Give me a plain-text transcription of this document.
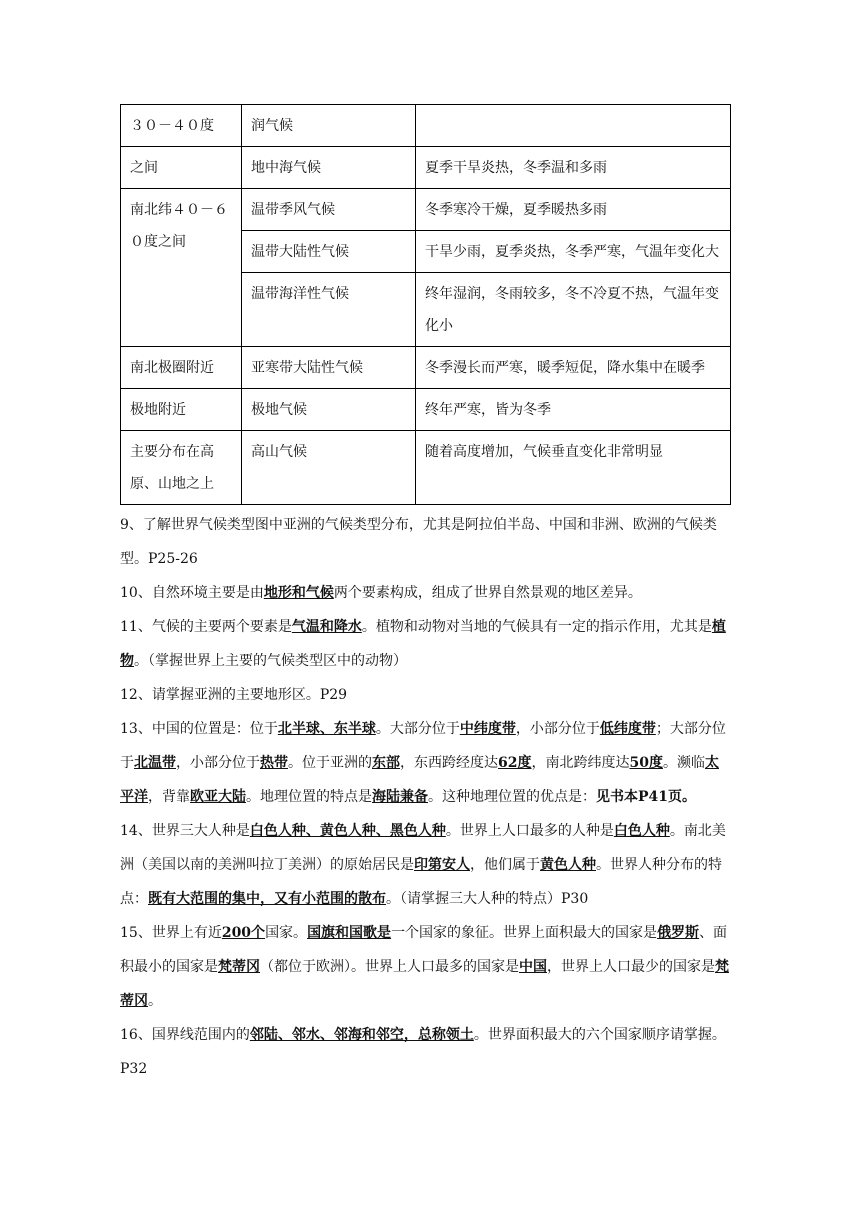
３０－４０度	润气候	
之间	地中海气候	夏季干旱炎热，冬季温和多雨
南北纬４０－６０度之间	温带季风气候	冬季寒冷干燥，夏季暖热多雨
	温带大陆性气候	干旱少雨，夏季炎热，冬季严寒，气温年变化大
	温带海洋性气候	终年湿润，冬雨较多，冬不冷夏不热，气温年变化小
南北极圈附近	亚寒带大陆性气候	冬季漫长而严寒，暖季短促，降水集中在暖季
极地附近	极地气候	终年严寒，皆为冬季
主要分布在高原、山地之上	高山气候	随着高度增加，气候垂直变化非常明显

9、了解世界气候类型图中亚洲的气候类型分布，尤其是阿拉伯半岛、中国和非洲、欧洲的气候类型。P25-26

10、自然环境主要是由地形和气候两个要素构成，组成了世界自然景观的地区差异。

11、气候的主要两个要素是气温和降水。植物和动物对当地的气候具有一定的指示作用，尤其是植物。（掌握世界上主要的气候类型区中的动物）

12、请掌握亚洲的主要地形区。P29

13、中国的位置是：位于北半球、东半球。大部分位于中纬度带，小部分位于低纬度带；大部分位于北温带，小部分位于热带。位于亚洲的东部，东西跨经度达62度，南北跨纬度达50度。濒临太平洋，背靠欧亚大陆。地理位置的特点是海陆兼备。这种地理位置的优点是：见书本P41页。

14、世界三大人种是白色人种、黄色人种、黑色人种。世界上人口最多的人种是白色人种。南北美洲（美国以南的美洲叫拉丁美洲）的原始居民是印第安人，他们属于黄色人种。世界人种分布的特点：既有大范围的集中，又有小范围的散布。（请掌握三大人种的特点）P30

15、世界上有近200个国家。国旗和国歌是一个国家的象征。世界上面积最大的国家是俄罗斯、面积最小的国家是梵蒂冈（都位于欧洲）。世界上人口最多的国家是中国，世界上人口最少的国家是梵蒂冈。

16、国界线范围内的邻陆、邻水、邻海和邻空，总称领土。世界面积最大的六个国家顺序请掌握。P32
